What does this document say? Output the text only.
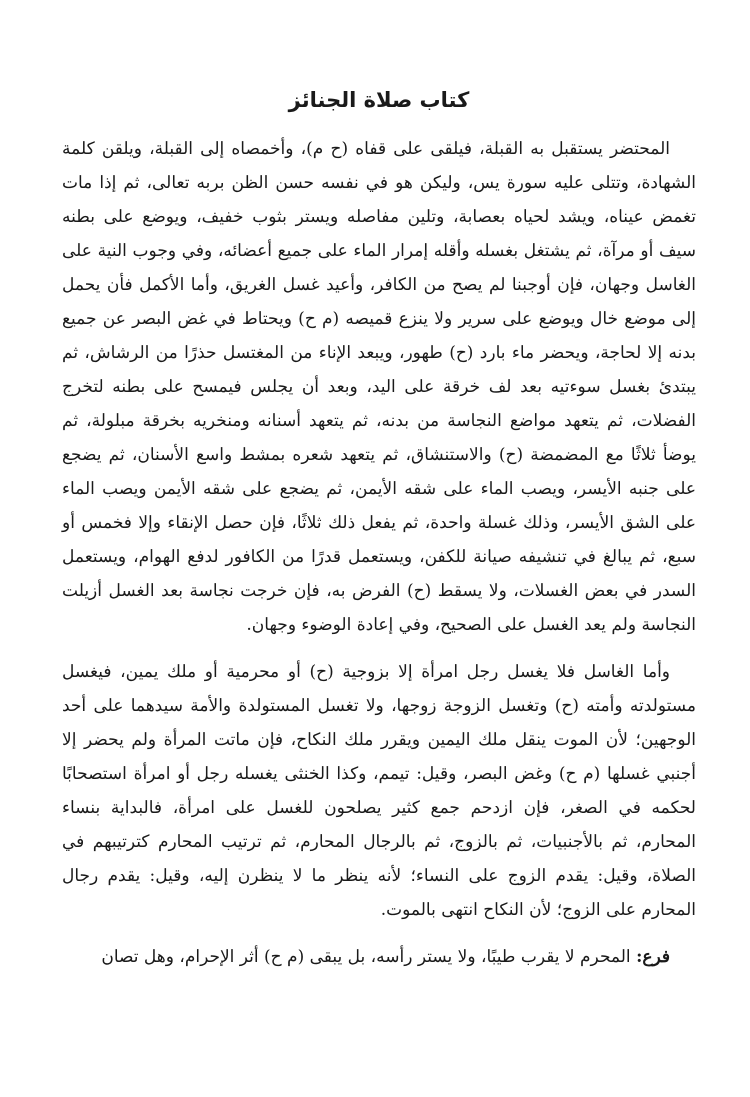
كتاب صلاة الجنائز

المحتضر يستقبل به القبلة، فيلقى على قفاه (ح م)، وأخمصاه إلى القبلة، ويلقن كلمة الشهادة، وتتلى عليه سورة يس، وليكن هو في نفسه حسن الظن بربه تعالى، ثم إذا مات تغمض عيناه، ويشد لحياه بعصابة، وتلين مفاصله ويستر بثوب خفيف، ويوضع على بطنه سيف أو مرآة، ثم يشتغل بغسله وأقله إمرار الماء على جميع أعضائه، وفي وجوب النية على الغاسل وجهان، فإن أوجبنا لم يصح من الكافر، وأعيد غسل الغريق، وأما الأكمل فأن يحمل إلى موضع خال ويوضع على سرير ولا ينزع قميصه (م ح) ويحتاط في غض البصر عن جميع بدنه إلا لحاجة، ويحضر ماء بارد (ح) طهور، ويبعد الإناء من المغتسل حذرًا من الرشاش، ثم يبتدئ بغسل سوءتيه بعد لف خرقة على اليد، وبعد أن يجلس فيمسح على بطنه لتخرج الفضلات، ثم يتعهد مواضع النجاسة من بدنه، ثم يتعهد أسنانه ومنخريه بخرقة مبلولة، ثم يوضأ ثلاثًا مع المضمضة (ح) والاستنشاق، ثم يتعهد شعره بمشط واسع الأسنان، ثم يضجع على جنبه الأيسر، ويصب الماء على شقه الأيمن، ثم يضجع على شقه الأيمن ويصب الماء على الشق الأيسر، وذلك غسلة واحدة، ثم يفعل ذلك ثلاثًا، فإن حصل الإنقاء وإلا فخمس أو سبع، ثم يبالغ في تنشيفه صيانة للكفن، ويستعمل قدرًا من الكافور لدفع الهوام، ويستعمل السدر في بعض الغسلات، ولا يسقط (ح) الفرض به، فإن خرجت نجاسة بعد الغسل أزيلت النجاسة ولم يعد الغسل على الصحيح، وفي إعادة الوضوء وجهان.

وأما الغاسل فلا يغسل رجل امرأة إلا بزوجية (ح) أو محرمية أو ملك يمين، فيغسل مستولدته وأمته (ح) وتغسل الزوجة زوجها، ولا تغسل المستولدة والأمة سيدهما على أحد الوجهين؛ لأن الموت ينقل ملك اليمين ويقرر ملك النكاح، فإن ماتت المرأة ولم يحضر إلا أجنبي غسلها (م ح) وغض البصر، وقيل: تيمم، وكذا الخنثى يغسله رجل أو امرأة استصحابًا لحكمه في الصغر، فإن ازدحم جمع كثير يصلحون للغسل على امرأة، فالبداية بنساء المحارم، ثم بالأجنبيات، ثم بالزوج، ثم بالرجال المحارم، ثم ترتيب المحارم كترتيبهم في الصلاة، وقيل: يقدم الزوج على النساء؛ لأنه ينظر ما لا ينظرن إليه، وقيل: يقدم رجال المحارم على الزوج؛ لأن النكاح انتهى بالموت.

فرع: المحرم لا يقرب طيبًا، ولا يستر رأسه، بل يبقى (م ح) أثر الإحرام، وهل تصان
